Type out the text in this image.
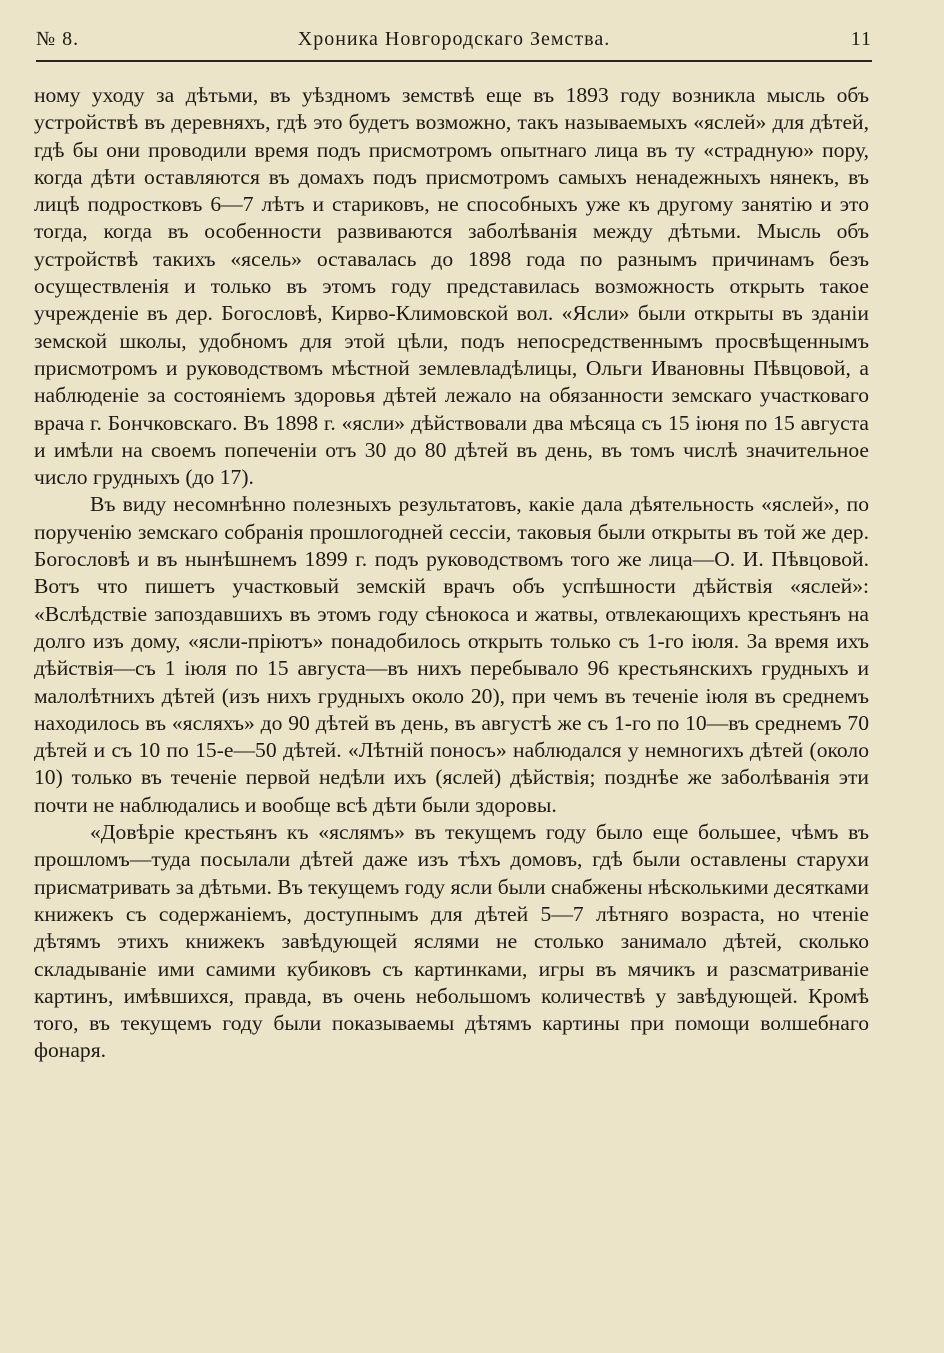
№ 8.	Хроника Новгородскаго Земства.	11

ному уходу за дѣтьми, въ уѣздномъ земствѣ еще въ 1893 году возникла мысль объ устройствѣ въ деревняхъ, гдѣ это будетъ возможно, такъ называемыхъ «яслей» для дѣтей, гдѣ бы они проводили время подъ присмотромъ опытнаго лица въ ту «страдную» пору, когда дѣти оставляются въ домахъ подъ присмотромъ самыхъ ненадежныхъ нянекъ, въ лицѣ подростковъ 6—7 лѣтъ и стариковъ, не способныхъ уже къ другому занятію и это тогда, когда въ особенности развиваются заболѣванія между дѣтьми. Мысль объ устройствѣ такихъ «ясель» оставалась до 1898 года по разнымъ причинамъ безъ осуществленія и только въ этомъ году представилась возможность открыть такое учрежденіе въ дер. Богословѣ, Кирво-Климовской вол. «Ясли» были открыты въ зданіи земской школы, удобномъ для этой цѣли, подъ непосредственнымъ просвѣщеннымъ присмотромъ и руководствомъ мѣстной землевладѣлицы, Ольги Ивановны Пѣвцовой, а наблюденіе за состояніемъ здоровья дѣтей лежало на обязанности земскаго участковаго врача г. Бончковскаго. Въ 1898 г. «ясли» дѣйствовали два мѣсяца съ 15 іюня по 15 августа и имѣли на своемъ попеченіи отъ 30 до 80 дѣтей въ день, въ томъ числѣ значительное число грудныхъ (до 17).

Въ виду несомнѣнно полезныхъ результатовъ, какіе дала дѣятельность «яслей», по порученію земскаго собранія прошлогодней сессіи, таковыя были открыты въ той же дер. Богословѣ и въ нынѣшнемъ 1899 г. подъ руководствомъ того же лица—О. И. Пѣвцовой. Вотъ что пишетъ участковый земскій врачъ объ успѣшности дѣйствія «яслей»: «Вслѣдствіе запоздавшихъ въ этомъ году сѣнокоса и жатвы, отвлекающихъ крестьянъ на долго изъ дому, «ясли-пріютъ» понадобилось открыть только съ 1-го іюля. За время ихъ дѣйствія—съ 1 іюля по 15 августа—въ нихъ перебывало 96 крестьянскихъ грудныхъ и малолѣтнихъ дѣтей (изъ нихъ грудныхъ около 20), при чемъ въ теченіе іюля въ среднемъ находилось въ «ясляхъ» до 90 дѣтей въ день, въ августѣ же съ 1-го по 10—въ среднемъ 70 дѣтей и съ 10 по 15-е—50 дѣтей. «Лѣтній поносъ» наблюдался у немногихъ дѣтей (около 10) только въ теченіе первой недѣли ихъ (яслей) дѣйствія; позднѣе же заболѣванія эти почти не наблюдались и вообще всѣ дѣти были здоровы.

«Довѣріе крестьянъ къ «яслямъ» въ текущемъ году было еще большее, чѣмъ въ прошломъ—туда посылали дѣтей даже изъ тѣхъ домовъ, гдѣ были оставлены старухи присматривать за дѣтьми. Въ текущемъ году ясли были снабжены нѣсколькими десятками книжекъ съ содержаніемъ, доступнымъ для дѣтей 5—7 лѣтняго возраста, но чтеніе дѣтямъ этихъ книжекъ завѣдующей яслями не столько занимало дѣтей, сколько складываніе ими самими кубиковъ съ картинками, игры въ мячикъ и разсматриваніе картинъ, имѣвшихся, правда, въ очень небольшомъ количествѣ у завѣдующей. Кромѣ того, въ текущемъ году были показываемы дѣтямъ картины при помощи волшебнаго фонаря.
